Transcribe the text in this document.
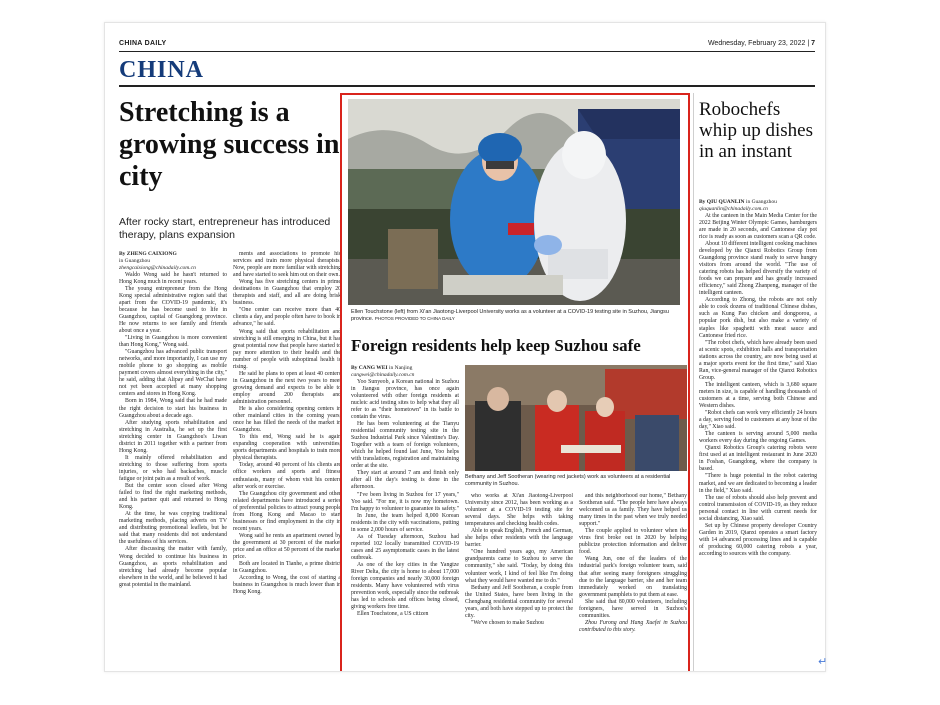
CHINA DAILY	Wednesday, February 23, 2022 | 7
CHINA
Stretching is a growing success in city
After rocky start, entrepreneur has introduced therapy, plans expansion
By ZHENG CAIXIONG
in Guangzhou
zhengcaixiong@chinadaily.com.cn

Waldo Wong said he hasn't returned to Hong Kong much in recent years.

The young entrepreneur from the Hong Kong special administrative region said that apart from the COVID-19 pandemic, it's because he has become used to life in Guangzhou, capital of Guangdong province. He now returns to see family and friends about once a year.

"Living in Guangzhou is more convenient than Hong Kong," Wong said.

"Guangzhou has advanced public transport networks, and more importantly, I can use my mobile phone to go shopping as mobile payment covers almost everything in the city," he said, adding that Alipay and WeChat have not yet been accepted at many shopping centers and stores in Hong Kong.

Born in 1984, Wong said that he had made the right decision to start his business in Guangzhou about a decade ago.

After studying sports rehabilitation and stretching in Australia, he set up the first stretching center in Guangzhou's Liwan district in 2011 together with a partner from Hong Kong.

It mainly offered rehabilitation and stretching to those suffering from sports injuries, or who had backaches, muscle fatigue or joint pain as a result of work.

But the center soon closed after Wong failed to find the right marketing methods, and his partner quit and returned to Hong Kong.

At the time, he was copying traditional marketing methods, placing adverts on TV and distributing promotional leaflets, but he said that many residents did not understand the usefulness of his services.

After discussing the matter with family, Wong decided to continue his business in Guangzhou, as sports rehabilitation and stretching had already become popular elsewhere in the world, and he believed it had great potential in the mainland.

ments and associations to promote his services and train more physical therapists. Now, people are more familiar with stretching and have started to seek him out on their own.

Wong has five stretching centers in prime destinations in Guangzhou that employ 20 therapists and staff, and all are doing brisk business.

"One center can receive more than 40 clients a day, and people often have to book in advance," he said.

Wong said that sports rehabilitation and stretching is still emerging in China, but it has great potential now that people have started to pay more attention to their health and the number of people with suboptimal health is rising.

He said he plans to open at least 40 centers in Guangzhou in the next two years to meet growing demand and expects to be able to employ around 200 therapists and administration personnel.

He is also considering opening centers in other mainland cities in the coming years, once he has filled the needs of the market in Guangzhou.

To this end, Wong said he is again expanding cooperation with universities, sports departments and hospitals to train more physical therapists.

Today, around 40 percent of his clients are office workers and sports and fitness enthusiasts, many of whom visit his centers after work or exercise.

The Guangzhou city government and other related departments have introduced a series of preferential policies to attract young people from Hong Kong and Macao to start businesses or find employment in the city in recent years.

Wong said he rents an apartment owned by the government at 30 percent of the market price and an office at 50 percent of the market price.

Both are located in Tianhe, a prime district in Guangzhou.

According to Wong, the cost of starting a business in Guangzhou is much lower than in Hong Kong.

Ellen Touchstone (left) from Xi'an Jiaotong-Liverpool University works as a volunteer at a COVID-19 testing site in Suzhou, Jiangsu province. PHOTOS PROVIDED TO CHINA DAILY
Foreign residents help keep Suzhou safe
By CANG WEI in Nanjing
cangwei@chinadaily.com.cn

Yoo Sunyeob, a Korean national in Suzhou in Jiangsu province, has once again volunteered with other foreign residents at nucleic acid testing sites to help what they all refer to as "their hometown" in its battle to contain the virus.

He has been volunteering at the Tianyu residential community testing site in the Suzhou Industrial Park since Valentine's Day. Together with a team of foreign volunteers, which he helped found last June, Yoo helps with translations, registration and maintaining order at the site.

They start at around 7 am and finish only after all the day's testing is done in the afternoon.

"I've been living in Suzhou for 17 years," Yoo said. "For me, it is now my hometown. I'm happy to volunteer to guarantee its safety."

In June, the team helped 8,000 Korean residents in the city with vaccinations, putting in some 2,000 hours of service.

As of Tuesday afternoon, Suzhou had reported 102 locally transmitted COVID-19 cases and 25 asymptomatic cases in the latest outbreak.

As one of the key cities in the Yangtze River Delta, the city is home to about 17,000 foreign companies and nearly 30,000 foreign residents. Many have volunteered with virus prevention work, especially since the outbreak has led to schools and offices being closed, giving workers free time.

Ellen Touchstone, a US citizen

Bethany and Jeff Sootheran (wearing red jackets) work as volunteers at a residential community in Suzhou.

who works at Xi'an Jiaotong-Liverpool University since 2012, has been working as a volunteer at a COVID-19 testing site for several days. She helps with taking temperatures and checking health codes.

Able to speak English, French and German, she helps other residents with the language barrier.

"One hundred years ago, my American grandparents came to Suzhou to serve the community," she said. "Today, by doing this volunteer work, I kind of feel like I'm doing what they would have wanted me to do."

Bethany and Jeff Sootheran, a couple from the United States, have been living in the Chengbang residential community for several years, and both have stepped up to protect the city.

"We've chosen to make Suzhou

and this neighborhood our home," Bethany Sootheran said. "The people here have always welcomed us as family. They have helped us many times in the past when we truly needed support."

The couple applied to volunteer when the virus first broke out in 2020 by helping publicize protection information and deliver food.

Wang Jun, one of the leaders of the industrial park's foreign volunteer team, said that after seeing many foreigners struggling due to the language barrier, she and her team immediately worked on translating government pamphlets to put them at ease.

She said that 80,000 volunteers, including foreigners, have served in Suzhou's communities.

Zhou Furong and Hang Xuefei in Suzhou contributed to this story.

Robochefs whip up dishes in an instant
By QIU QUANLIN in Guangzhou
qiuquanlin@chinadaily.com.cn

At the canteen in the Main Media Center for the 2022 Beijing Winter Olympic Games, hamburgers are made in 20 seconds, and Cantonese clay pot rice is ready as soon as customers scan a QR code.

About 10 different intelligent cooking machines developed by the Qianxi Robotics Group from Guangdong province stand ready to serve hungry visitors from around the world. "The use of catering robots has helped diversify the variety of foods we can prepare and has greatly increased efficiency," said Zhong Zhanpeng, manager of the intelligent canteen.

According to Zhong, the robots are not only able to cook dozens of traditional Chinese dishes, such as Kung Pao chicken and dongporou, a popular pork dish, but also make a variety of staples like spaghetti with meat sauce and Cantonese fried rice.

"The robot chefs, which have already been used at scenic spots, exhibition halls and transportation stations across the country, are now being used at a major sports event for the first time," said Xiao Ran, vice-general manager of the Qianxi Robotics Group.

The intelligent canteen, which is 3,680 square meters in size, is capable of handling thousands of customers at a time, serving both Chinese and Western dishes.

"Robot chefs can work very efficiently 24 hours a day, serving food to customers at any hour of the day," Xiao said.

The canteen is serving around 5,000 media workers every day during the ongoing Games.

Qianxi Robotics Group's catering robots were first used at an intelligent restaurant in June 2020 in Foshan, Guangdong, where the company is based.

"There is huge potential in the robot catering market, and we are dedicated to becoming a leader in the field," Xiao said.

The use of robots should also help prevent and control transmission of COVID-19, as they reduce personal contact in line with current needs for social distancing, Xiao said.

Set up by Chinese property developer Country Garden in 2019, Qianxi operates a smart factory with 14 advanced processing lines and is capable of producing 60,000 catering robots a year, according to sources with the company.

↵
